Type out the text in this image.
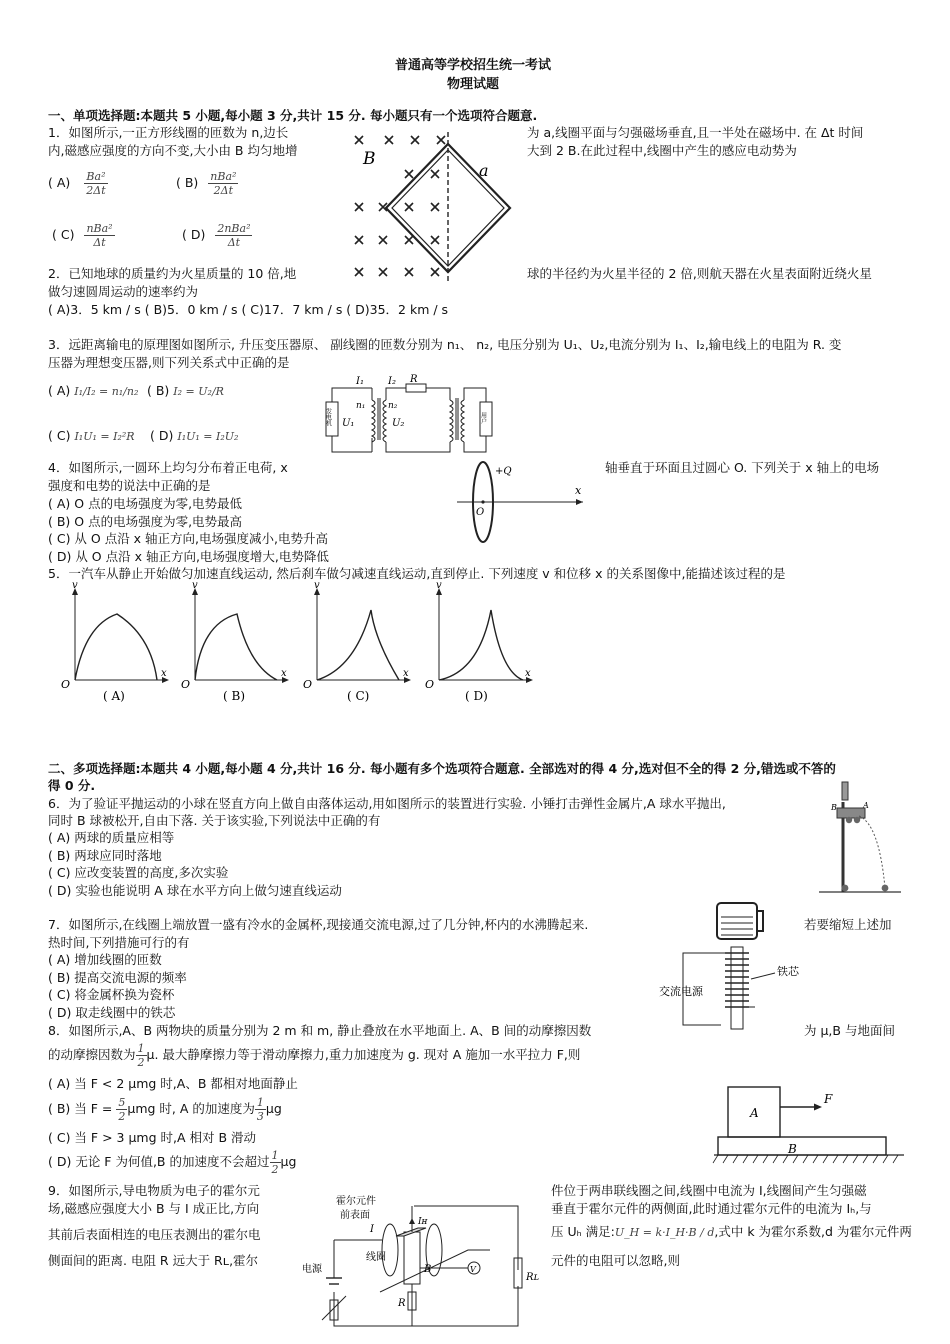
普通高等学校招生统一考试
物理试题
一、单项选择题:本题共 5 小题,每小题 3 分,共计 15 分. 每小题只有一个选项符合题意.
1．如图所示,一正方形线圈的匝数为 n,边长	为 a,线圈平面与匀强磁场垂直,且一半处在磁场中. 在 Δt 时间
内,磁感应强度的方向不变,大小由 B 均匀地增	大到 2 B.在此过程中,线圈中产生的感应电动势为
( $A) \frac{\text{Ba²}}{2\Delta t}$	( $B) \frac{\text{nBa²}}{2\Delta t}$
( $C) \frac{\text{nBa²}}{\Delta t}$	( $D) \frac{\text{2nBa²}}{\Delta t}$
B
a
2．已知地球的质量约为火星质量的 10 倍,地	球的半径约为火星半径的 2 倍,则航天器在火星表面附近绕火星
做匀速圆周运动的速率约为
( A)3．5 km / s ( B)5．0 km / s ( C)17．7 km / s ( D)35．2 km / s
3．远距离输电的原理图如图所示, 升压变压器原、 副线圈的匝数分别为 n₁、 n₂, 电压分别为 U₁、U₂,电流分别为 I₁、I₂,输电线上的电阻为 R. 变
压器为理想变压器,则下列关系式中正确的是
( A) I₁/I₂ = n₁/n₂ ( B) I₂ = U₂/R
( C) I₁U₁ = I₂²R ( D) I₁U₁ = I₂U₂
I₁ I₂ R
n₁	n₂
U₁	U₂
发电机	用户
4．如图所示,一圆环上均匀分布着正电荷, x	轴垂直于环面且过圆心 O. 下列关于 x 轴上的电场
强度和电势的说法中正确的是
( A) O 点的电场强度为零,电势最低
( B) O 点的电场强度为零,电势最高
( C) 从 O 点沿 x 轴正方向,电场强度减小,电势升高
( D) 从 O 点沿 x 轴正方向,电场强度增大,电势降低
+Q
O
x
5．一汽车从静止开始做匀加速直线运动, 然后刹车做匀减速直线运动,直到停止. 下列速度 v 和位移 x 的关系图像中,能描述该过程的是
v
x
O
( A)
v
x
O
( B)
v
x
O
( C)
v
x
O
( D)
二、多项选择题:本题共 4 小题,每小题 4 分,共计 16 分. 每小题有多个选项符合题意. 全部选对的得 4 分,选对但不全的得 2 分,错选或不答的
得 0 分.
6．为了验证平抛运动的小球在竖直方向上做自由落体运动,用如图所示的装置进行实验. 小锤打击弹性金属片,A 球水平抛出,
同时 B 球被松开,自由下落. 关于该实验,下列说法中正确的有
( A) 两球的质量应相等
( B) 两球应同时落地
( C) 应改变装置的高度,多次实验
( D) 实验也能说明 A 球在水平方向上做匀速直线运动
B	A
7．如图所示,在线圈上端放置一盛有冷水的金属杯,现接通交流电源,过了几分钟,杯内的水沸腾起来.	若要缩短上述加
热时间,下列措施可行的有
( A) 增加线圈的匝数
( B) 提高交流电源的频率
( C) 将金属杯换为瓷杯
( D) 取走线圈中的铁芯
铁芯
交流电源
8．如图所示,A、B 两物块的质量分别为 2 m 和 m, 静止叠放在水平地面上. A、B 间的动摩擦因数	为 μ,B 与地面间
的动摩擦因数为 $\frac{1}{2} \mu$. 最大静摩擦力等于滑动摩擦力,重力加速度为 g. 现对 A 施加一水平拉力 F,则
( A) 当 F < 2 μmg 时,A、B 都相对地面静止
( B) 当 $F = \frac{5}{2}$ μmg 时, A 的加速度为 $\frac{1}{3}$ μg
( C) 当 F > 3 μmg 时,A 相对 B 滑动
( D) 无论 F 为何值,B 的加速度不会超过 $\frac{1}{2}$ μg
A
B
F
9．如图所示,导电物质为电子的霍尔元	件位于两串联线圈之间,线圈中电流为 I,线圈间产生匀强磁
场,磁感应强度大小 B 与 I 成正比,方向	垂直于霍尔元件的两侧面,此时通过霍尔元件的电流为 Iₕ,与
其前后表面相连的电压表测出的霍尔电	压 Uₕ 满足:U_H = k·I_H·B / d,式中 k 为霍尔系数,d 为霍尔元件两
侧面间的距离. 电阻 R 远大于 Rʟ,霍尔	元件的电阻可以忽略,则
霍尔元件
前表面
I
Iʜ
线圈
B	V
电源
R
Rʟ
